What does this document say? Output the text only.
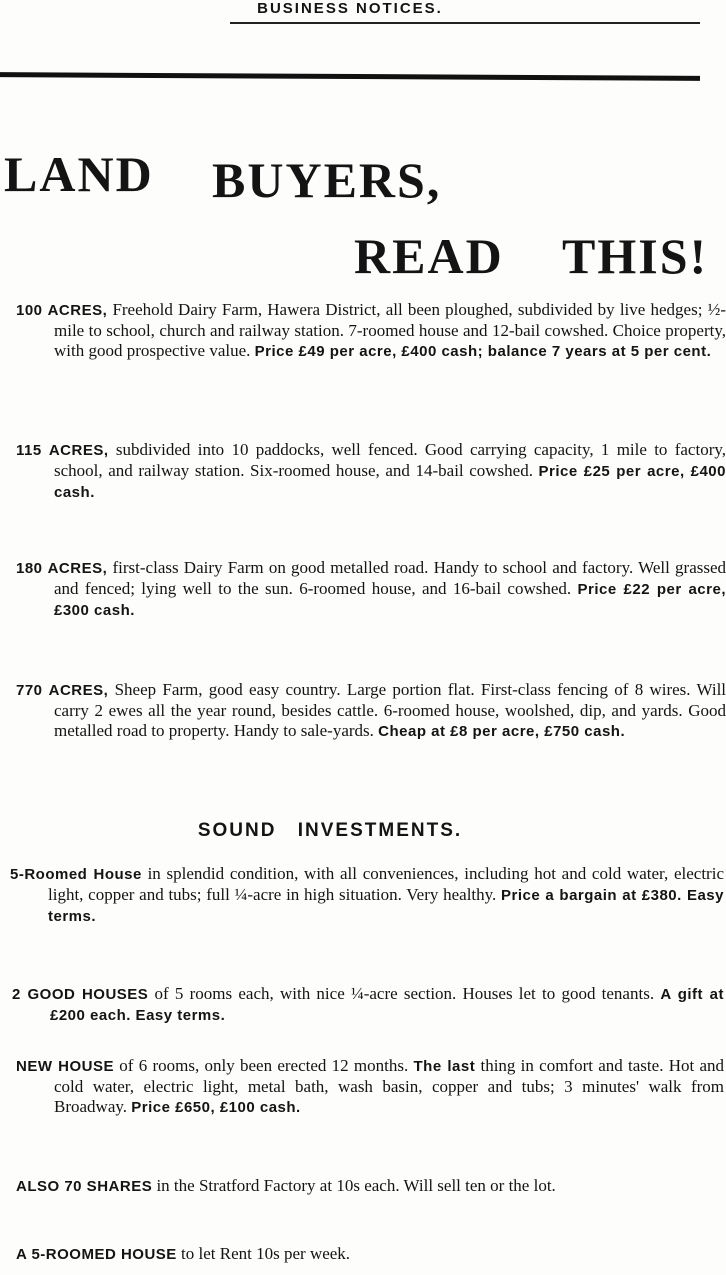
BUSINESS NOTICES.
LAND BUYERS,
READ THIS!
100 ACRES, Freehold Dairy Farm, Hawera District, all been ploughed, subdivided by live hedges; ½-mile to school, church and railway station. 7-roomed house and 12-bail cowshed. Choice property, with good prospective value. Price £49 per acre, £400 cash; balance 7 years at 5 per cent.
115 ACRES, subdivided into 10 paddocks, well fenced. Good carrying capacity, 1 mile to factory, school, and railway station. Six-roomed house, and 14-bail cowshed. Price £25 per acre, £400 cash.
180 ACRES, first-class Dairy Farm on good metalled road. Handy to school and factory. Well grassed and fenced; lying well to the sun. 6-roomed house, and 16-bail cowshed. Price £22 per acre, £300 cash.
770 ACRES, Sheep Farm, good easy country. Large portion flat. First-class fencing of 8 wires. Will carry 2 ewes all the year round, besides cattle. 6-roomed house, woolshed, dip, and yards. Good metalled road to property. Handy to sale-yards. Cheap at £8 per acre, £750 cash.
SOUND INVESTMENTS.
5-Roomed House in splendid condition, with all conveniences, including hot and cold water, electric light, copper and tubs; full ¼-acre in high situation. Very healthy. Price a bargain at £380. Easy terms.
2 GOOD HOUSES of 5 rooms each, with nice ¼-acre section. Houses let to good tenants. A gift at £200 each. Easy terms.
NEW HOUSE of 6 rooms, only been erected 12 months. The last thing in comfort and taste. Hot and cold water, electric light, metal bath, wash basin, copper and tubs; 3 minutes' walk from Broadway. Price £650, £100 cash.
ALSO 70 SHARES in the Stratford Factory at 10s each. Will sell ten or the lot.
A 5-ROOMED HOUSE to let Rent 10s per week.
